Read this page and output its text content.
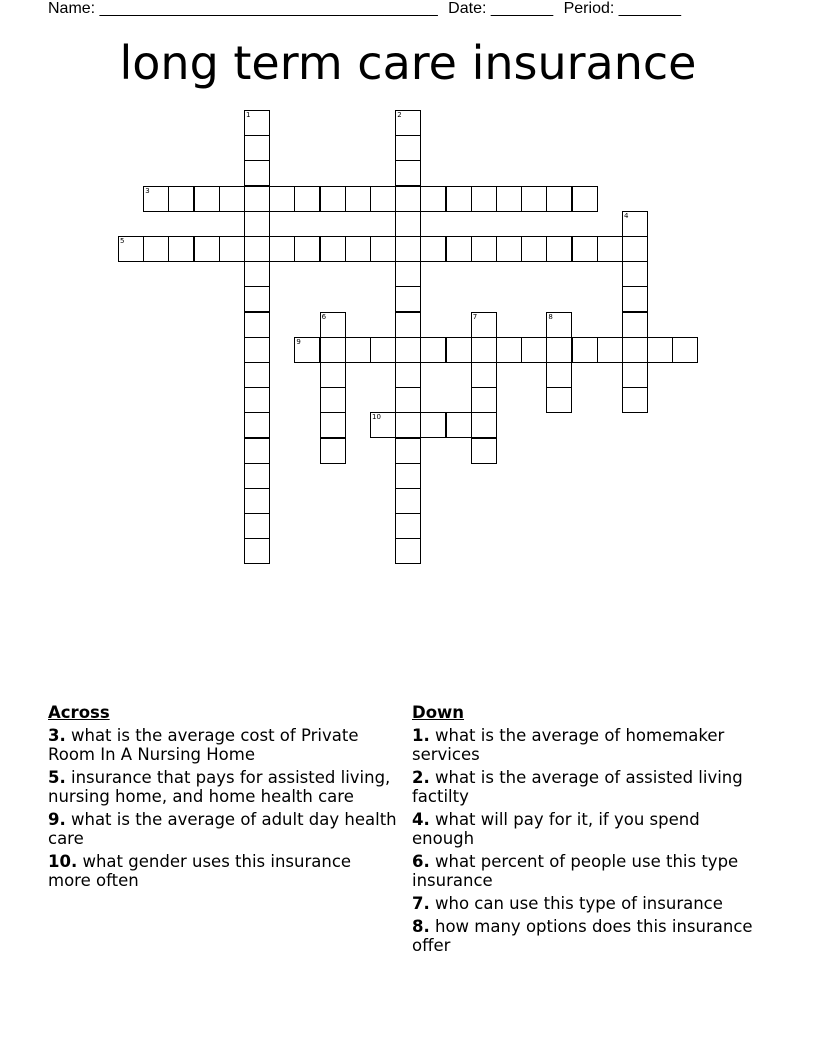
Name: ______________________________________ Date: _______ Period: _______
long term care insurance
1	2
3
4
5
6	7	8
9
10
Across
3. what is the average cost of Private Room In A Nursing Home
5. insurance that pays for assisted living, nursing home, and home health care
9. what is the average of adult day health care
10. what gender uses this insurance more often
Down
1. what is the average of homemaker services
2. what is the average of assisted living factilty
4. what will pay for it, if you spend enough
6. what percent of people use this type insurance
7. who can use this type of insurance
8. how many options does this insurance offer
